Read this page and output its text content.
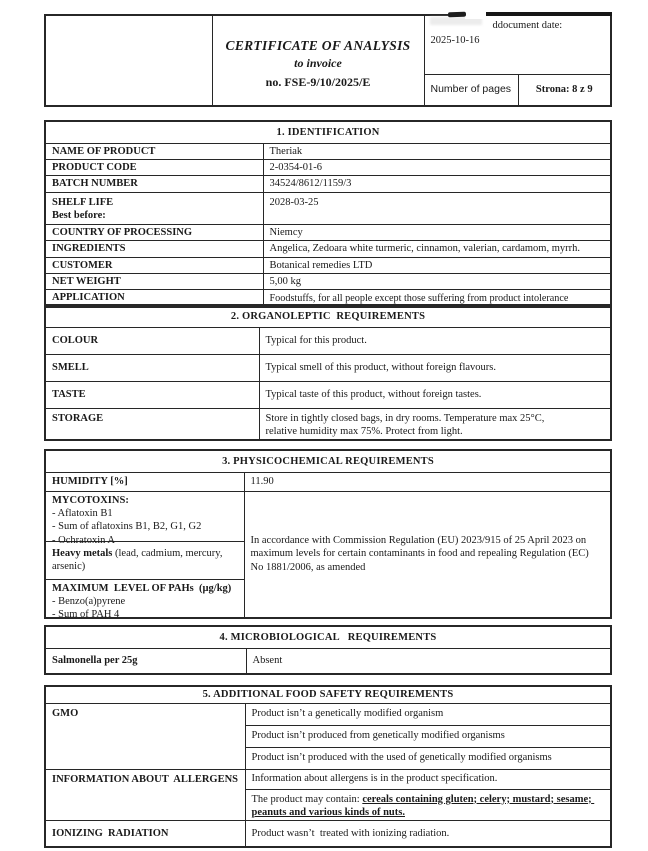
CERTIFICATE OF ANALYSIS
to invoice
no. FSE-9/10/2025/E

ddocument date:
2025-10-16

		Number of pages	Strona: 8 z 9
1. IDENTIFICATION	
NAME OF PRODUCT	Theriak
PRODUCT CODE	2-0354-01-6
BATCH NUMBER	34524/8612/1159/3

SHELF LIFE
Best before:	2028-03-25
COUNTRY OF PROCESSING	Niemcy
INGREDIENTS	Angelica, Zedoara white turmeric, cinnamon, valerian, cardamom, myrrh.
CUSTOMER	Botanical remedies LTD
NET WEIGHT	5,00 kg
APPLICATION	Foodstuffs, for all people except those suffering from product intolerance
2. ORGANOLEPTIC  REQUIREMENTS	
COLOUR	Typical for this product.
SMELL	Typical smell of this product, without foreign flavours.
TASTE	Typical taste of this product, without foreign tastes.
STORAGE	Store in tightly closed bags, in dry rooms. Temperature max 25°C, relative humidity max 75%. Protect from light.
3. PHYSICOCHEMICAL REQUIREMENTS	
HUMIDITY [%]	11.90

MYCOTOXINS:
- Aflatoxin B1
- Sum of aflatoxins B1, B2, G1, G2
- Ochratoxin A
Heavy metals (lead, cadmium, mercury, arsenic)
MAXIMUM  LEVEL OF PAHs  (µg/kg)
- Benzo(a)pyrene
- Sum of PAH 4
	In accordance with Commission Regulation (EU) 2023/915 of 25 April 2023 on maximum levels for certain contaminants in food and repealing Regulation (EC) No 1881/2006, as amended
4. MICROBIOLOGICAL   REQUIREMENTS
Salmonella per 25g	Absent
5. ADDITIONAL FOOD SAFETY REQUIREMENTS	
GMO	Product isn’t a genetically modified organism
	Product isn’t produced from genetically modified organisms
	Product isn’t produced with the used of genetically modified organisms
INFORMATION ABOUT  ALLERGENS	Information about allergens is in the product specification.
	The product may contain: cereals containing gluten; celery; mustard; sesame; peanuts and various kinds of nuts.
IONIZING  RADIATION	Product wasn’t  treated with ionizing radiation.
